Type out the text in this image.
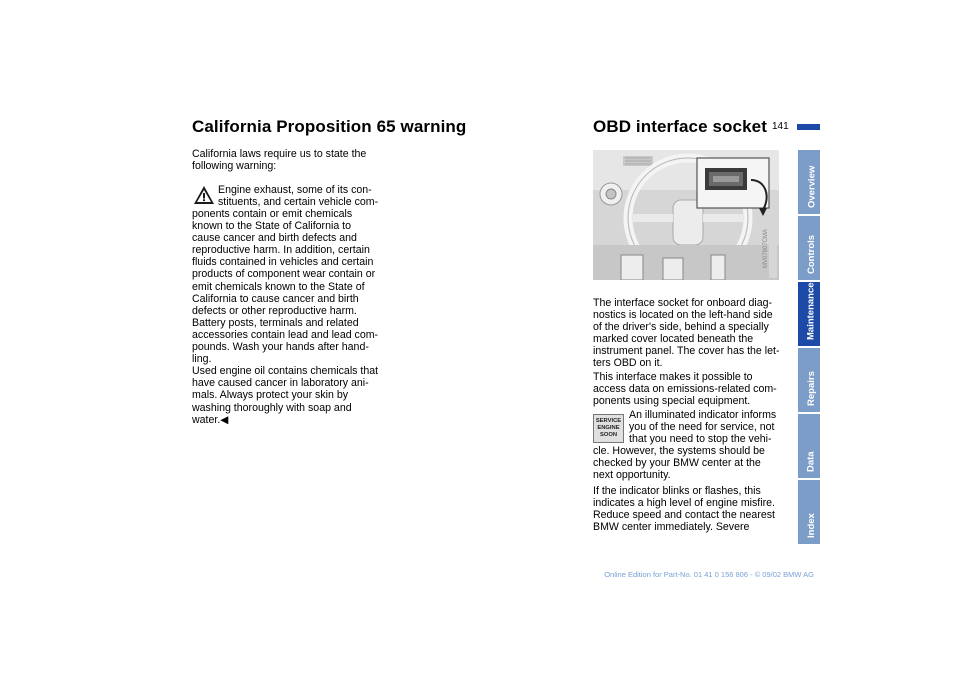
California Proposition 65 warning

California laws require us to state the
following warning:

Engine exhaust, some of its con-
stituents, and certain vehicle com-

ponents contain or emit chemicals
known to the State of California to
cause cancer and birth defects and
reproductive harm. In addition, certain
fluids contained in vehicles and certain
products of component wear contain or
emit chemicals known to the State of
California to cause cancer and birth
defects or other reproductive harm.
Battery posts, terminals and related
accessories contain lead and lead com-
pounds. Wash your hands after hand-
ling.
Used engine oil contains chemicals that
have caused cancer in laboratory ani-
mals. Always protect your skin by
washing thoroughly with soap and
water.◀

OBD interface socket 141
MV07807CMA

The interface socket for onboard diag-
nostics is located on the left-hand side
of the driver's side, behind a specially
marked cover located beneath the
instrument panel. The cover has the let-
ters OBD on it.

This interface makes it possible to
access data on emissions-related com-
ponents using special equipment.

SERVICE
ENGINE
SOON

An illuminated indicator informs
you of the need for service, not
that you need to stop the vehi-

cle. However, the systems should be
checked by your BMW center at the
next opportunity.

If the indicator blinks or flashes, this
indicates a high level of engine misfire.
Reduce speed and contact the nearest
BMW center immediately. Severe

Overview
Controls
Maintenance
Repairs
Data
Index
Online Edition for Part-No. 01 41 0 156 806 - © 09/02 BMW AG
